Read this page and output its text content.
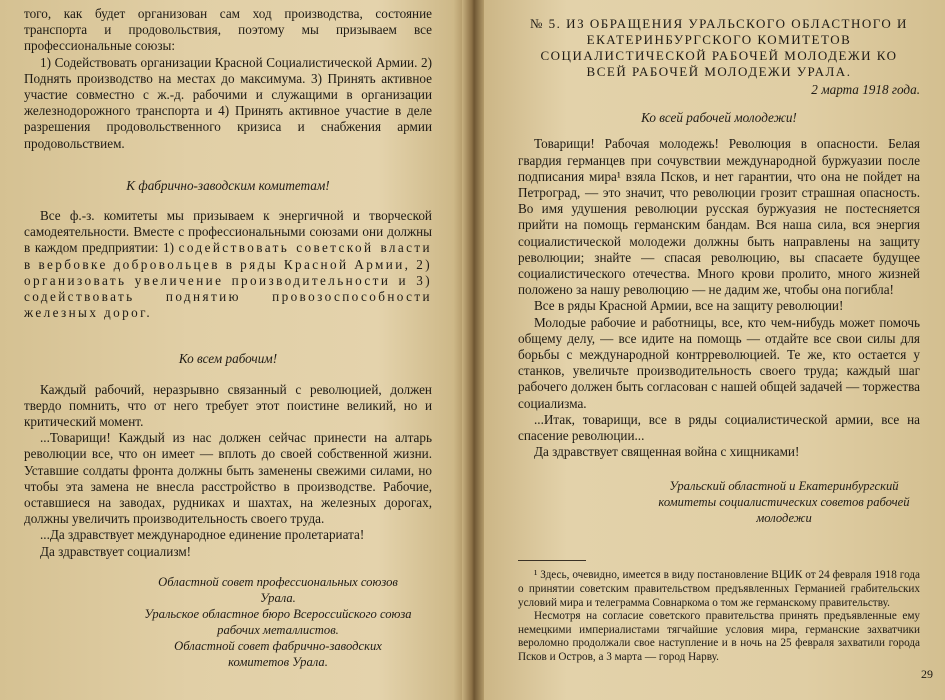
того, как будет организован сам ход производства, состояние транспорта и продовольствия, поэтому мы призываем все профессиональные союзы:

1) Содействовать организации Красной Социалистической Армии. 2) Поднять производство на местах до максимума. 3) Принять активное участие совместно с ж.-д. рабочими и служащими в организации железнодорожного транспорта и 4) Принять активное участие в деле разрешения продовольственного кризиса и снабжения армии продовольствием.

К фабрично-заводским комитетам!

Все ф.-з. комитеты мы призываем к энергичной и творческой самодеятельности. Вместе с профессиональными союзами они должны в каждом предприятии: 1) содействовать советской власти в вербовке добровольцев в ряды Красной Армии, 2) организовать увеличение производительности и 3) содействовать поднятию провозоспособности железных дорог.

Ко всем рабочим!

Каждый рабочий, неразрывно связанный с революцией, должен твердо помнить, что от него требует этот поистине великий, но и критический момент.

...Товарищи! Каждый из нас должен сейчас принести на алтарь революции все, что он имеет — вплоть до своей собственной жизни. Уставшие солдаты фронта должны быть заменены свежими силами, но чтобы эта замена не внесла расстройство в производстве. Рабочие, оставшиеся на заводах, рудниках и шахтах, на железных дорогах, должны увеличить производительность своего труда.

...Да здравствует международное единение пролетариата!

Да здравствует социализм!

Областной совет профессиональных союзов Урала.

Уральское областное бюро Всероссийского союза рабочих металлистов.

Областной совет фабрично-заводских комитетов Урала.

№ 5. ИЗ ОБРАЩЕНИЯ УРАЛЬСКОГО ОБЛАСТНОГО И ЕКАТЕРИНБУРГСКОГО КОМИТЕТОВ СОЦИАЛИСТИЧЕСКОЙ РАБОЧЕЙ МОЛОДЕЖИ КО ВСЕЙ РАБОЧЕЙ МОЛОДЕЖИ УРАЛА.

2 марта 1918 года.

Ко всей рабочей молодежи!

Товарищи! Рабочая молодежь! Революция в опасности. Белая гвардия германцев при сочувствии международной буржуазии после подписания мира¹ взяла Псков, и нет гарантии, что она не пойдет на Петроград, — это значит, что революции грозит страшная опасность. Во имя удушения революции русская буржуазия не постесняется прийти на помощь германским бандам. Вся наша сила, вся энергия социалистической молодежи должны быть направлены на защиту революции; знайте — спасая революцию, вы спасаете будущее социалистического отечества. Много крови пролито, много жизней положено за нашу революцию — не дадим же, чтобы она погибла!

Все в ряды Красной Армии, все на защиту революции!

Молодые рабочие и работницы, все, кто чем-нибудь может помочь общему делу, — все идите на помощь — отдайте все свои силы для борьбы с международной контрреволюцией. Те же, кто остается у станков, увеличьте производительность своего труда; каждый шаг рабочего должен быть согласован с нашей общей задачей — торжества социализма.

...Итак, товарищи, все в ряды социалистической армии, все на спасение революции...

Да здравствует священная война с хищниками!

Уральский областной и Екатеринбургский комитеты социалистических советов рабочей молодежи

¹ Здесь, очевидно, имеется в виду постановление ВЦИК от 24 февраля 1918 года о принятии советским правительством предъявленных Германией грабительских условий мира и телеграмма Совнаркома о том же германскому правительству.

Несмотря на согласие советского правительства принять предъявленные ему немецкими империалистами тягчайшие условия мира, германские захватчики вероломно продолжали свое наступление и в ночь на 25 февраля захватили города Псков и Остров, а 3 марта — город Нарву.

29
